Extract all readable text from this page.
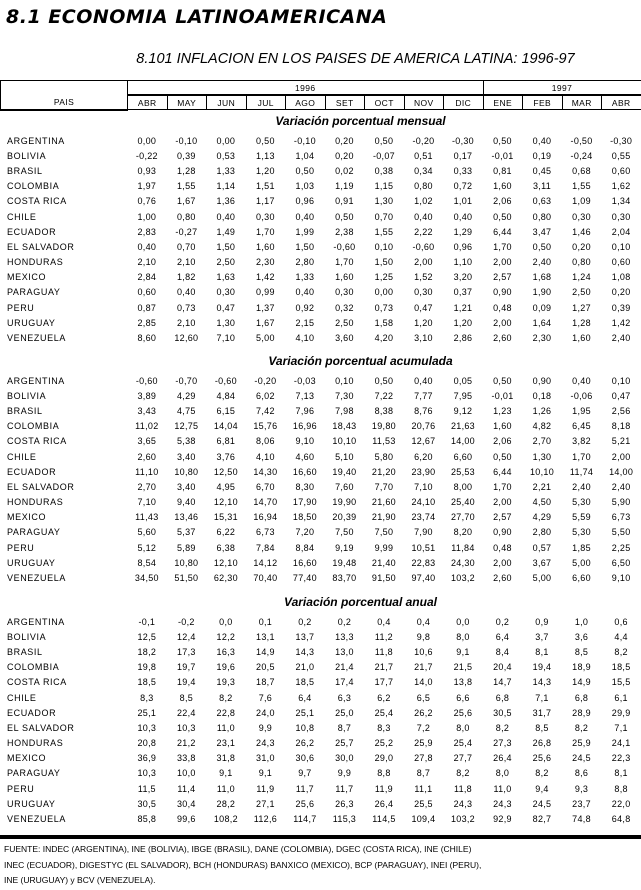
8.1 ECONOMIA LATINOAMERICANA
8.101 INFLACION EN LOS PAISES DE AMERICA LATINA: 1996-97
PAIS	1996									1997			
	ABR	MAY	JUN	JUL	AGO	SET	OCT	NOV	DIC	ENE	FEB	MAR	ABR
Variación porcentual mensual
ARGENTINA	0,00	-0,10	0,00	0,50	-0,10	0,20	0,50	-0,20	-0,30	0,50	0,40	-0,50	-0,30
BOLIVIA	-0,22	0,39	0,53	1,13	1,04	0,20	-0,07	0,51	0,17	-0,01	0,19	-0,24	0,55
BRASIL	0,93	1,28	1,33	1,20	0,50	0,02	0,38	0,34	0,33	0,81	0,45	0,68	0,60
COLOMBIA	1,97	1,55	1,14	1,51	1,03	1,19	1,15	0,80	0,72	1,60	3,11	1,55	1,62
COSTA RICA	0,76	1,67	1,36	1,17	0,96	0,91	1,30	1,02	1,01	2,06	0,63	1,09	1,34
CHILE	1,00	0,80	0,40	0,30	0,40	0,50	0,70	0,40	0,40	0,50	0,80	0,30	0,30
ECUADOR	2,83	-0,27	1,49	1,70	1,99	2,38	1,55	2,22	1,29	6,44	3,47	1,46	2,04
EL SALVADOR	0,40	0,70	1,50	1,60	1,50	-0,60	0,10	-0,60	0,96	1,70	0,50	0,20	0,10
HONDURAS	2,10	2,10	2,50	2,30	2,80	1,70	1,50	2,00	1,10	2,00	2,40	0,80	0,60
MEXICO	2,84	1,82	1,63	1,42	1,33	1,60	1,25	1,52	3,20	2,57	1,68	1,24	1,08
PARAGUAY	0,60	0,40	0,30	0,99	0,40	0,30	0,00	0,30	0,37	0,90	1,90	2,50	0,20
PERU	0,87	0,73	0,47	1,37	0,92	0,32	0,73	0,47	1,21	0,48	0,09	1,27	0,39
URUGUAY	2,85	2,10	1,30	1,67	2,15	2,50	1,58	1,20	1,20	2,00	1,64	1,28	1,42
VENEZUELA	8,60	12,60	7,10	5,00	4,10	3,60	4,20	3,10	2,86	2,60	2,30	1,60	2,40
Variación porcentual acumulada
ARGENTINA	-0,60	-0,70	-0,60	-0,20	-0,03	0,10	0,50	0,40	0,05	0,50	0,90	0,40	0,10
BOLIVIA	3,89	4,29	4,84	6,02	7,13	7,30	7,22	7,77	7,95	-0,01	0,18	-0,06	0,47
BRASIL	3,43	4,75	6,15	7,42	7,96	7,98	8,38	8,76	9,12	1,23	1,26	1,95	2,56
COLOMBIA	11,02	12,75	14,04	15,76	16,96	18,43	19,80	20,76	21,63	1,60	4,82	6,45	8,18
COSTA RICA	3,65	5,38	6,81	8,06	9,10	10,10	11,53	12,67	14,00	2,06	2,70	3,82	5,21
CHILE	2,60	3,40	3,76	4,10	4,60	5,10	5,80	6,20	6,60	0,50	1,30	1,70	2,00
ECUADOR	11,10	10,80	12,50	14,30	16,60	19,40	21,20	23,90	25,53	6,44	10,10	11,74	14,00
EL SALVADOR	2,70	3,40	4,95	6,70	8,30	7,60	7,70	7,10	8,00	1,70	2,21	2,40	2,40
HONDURAS	7,10	9,40	12,10	14,70	17,90	19,90	21,60	24,10	25,40	2,00	4,50	5,30	5,90
MEXICO	11,43	13,46	15,31	16,94	18,50	20,39	21,90	23,74	27,70	2,57	4,29	5,59	6,73
PARAGUAY	5,60	5,37	6,22	6,73	7,20	7,50	7,50	7,90	8,20	0,90	2,80	5,30	5,50
PERU	5,12	5,89	6,38	7,84	8,84	9,19	9,99	10,51	11,84	0,48	0,57	1,85	2,25
URUGUAY	8,54	10,80	12,10	14,12	16,60	19,48	21,40	22,83	24,30	2,00	3,67	5,00	6,50
VENEZUELA	34,50	51,50	62,30	70,40	77,40	83,70	91,50	97,40	103,2	2,60	5,00	6,60	9,10
Variación porcentual anual
ARGENTINA	-0,1	-0,2	0,0	0,1	0,2	0,2	0,4	0,4	0,0	0,2	0,9	1,0	0,6
BOLIVIA	12,5	12,4	12,2	13,1	13,7	13,3	11,2	9,8	8,0	6,4	3,7	3,6	4,4
BRASIL	18,2	17,3	16,3	14,9	14,3	13,0	11,8	10,6	9,1	8,4	8,1	8,5	8,2
COLOMBIA	19,8	19,7	19,6	20,5	21,0	21,4	21,7	21,7	21,5	20,4	19,4	18,9	18,5
COSTA RICA	18,5	19,4	19,3	18,7	18,5	17,4	17,7	14,0	13,8	14,7	14,3	14,9	15,5
CHILE	8,3	8,5	8,2	7,6	6,4	6,3	6,2	6,5	6,6	6,8	7,1	6,8	6,1
ECUADOR	25,1	22,4	22,8	24,0	25,1	25,0	25,4	26,2	25,6	30,5	31,7	28,9	29,9
EL SALVADOR	10,3	10,3	11,0	9,9	10,8	8,7	8,3	7,2	8,0	8,2	8,5	8,2	7,1
HONDURAS	20,8	21,2	23,1	24,3	26,2	25,7	25,2	25,9	25,4	27,3	26,8	25,9	24,1
MEXICO	36,9	33,8	31,8	31,0	30,6	30,0	29,0	27,8	27,7	26,4	25,6	24,5	22,3
PARAGUAY	10,3	10,0	9,1	9,1	9,7	9,9	8,8	8,7	8,2	8,0	8,2	8,6	8,1
PERU	11,5	11,4	11,0	11,9	11,7	11,7	11,9	11,1	11,8	11,0	9,4	9,3	8,8
URUGUAY	30,5	30,4	28,2	27,1	25,6	26,3	26,4	25,5	24,3	24,3	24,5	23,7	22,0
VENEZUELA	85,8	99,6	108,2	112,6	114,7	115,3	114,5	109,4	103,2	92,9	82,7	74,8	64,8
FUENTE: INDEC (ARGENTINA), INE (BOLIVIA), IBGE (BRASIL), DANE (COLOMBIA), DGEC (COSTA RICA), INE (CHILE)
INEC (ECUADOR), DIGESTYC (EL SALVADOR), BCH (HONDURAS) BANXICO (MEXICO), BCP (PARAGUAY), INEI (PERU),
INE (URUGUAY) y BCV (VENEZUELA).
